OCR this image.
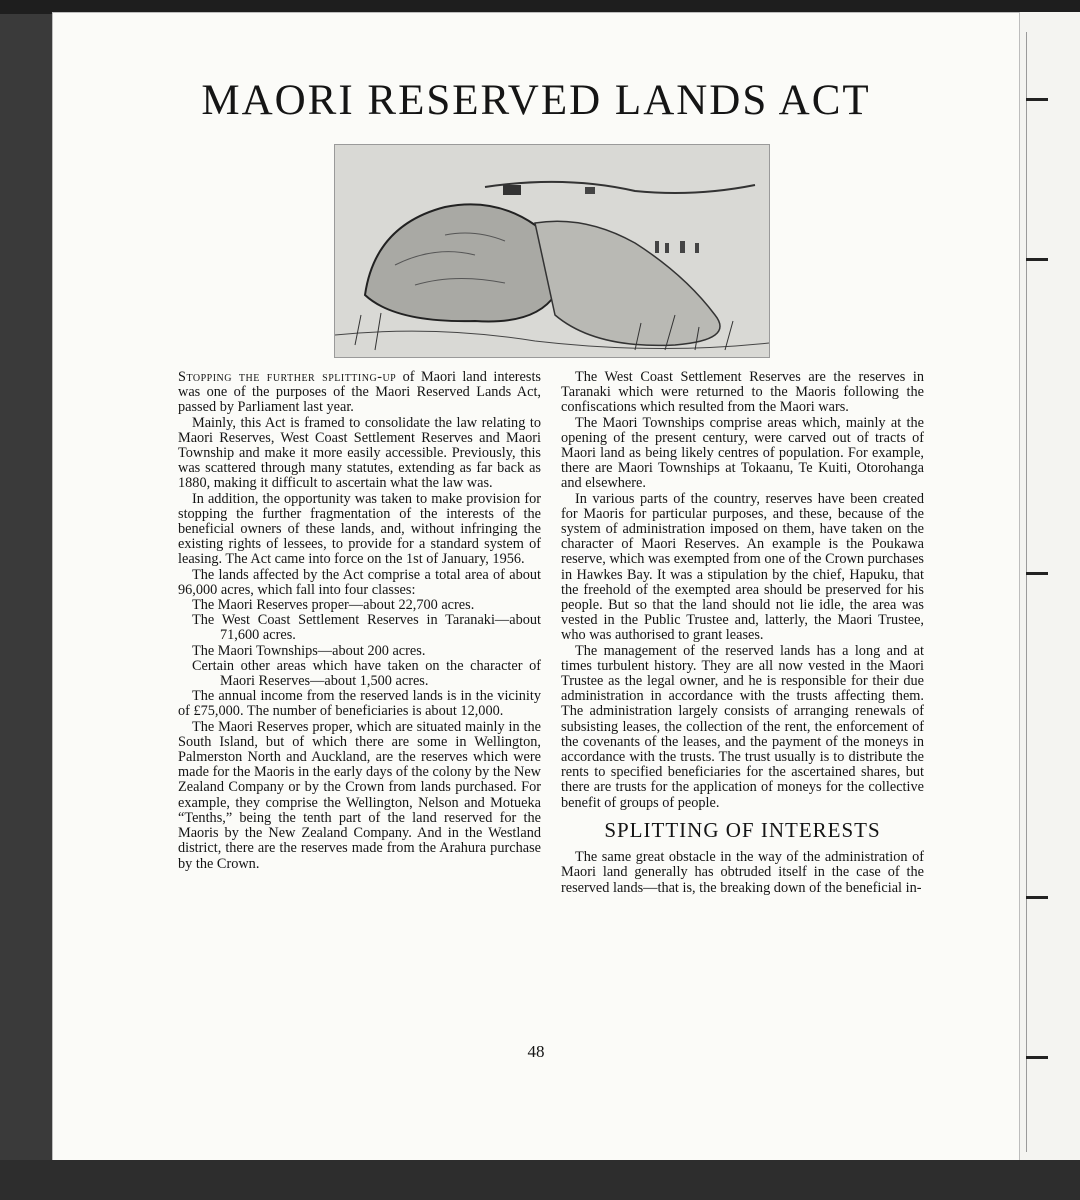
MAORI RESERVED LANDS ACT

Stopping the further splitting-up of Maori land interests was one of the purposes of the Maori Reserved Lands Act, passed by Parliament last year.

Mainly, this Act is framed to consolidate the law relating to Maori Reserves, West Coast Settlement Reserves and Maori Township and make it more easily accessible. Previously, this was scattered through many statutes, extending as far back as 1880, making it difficult to ascertain what the law was.

In addition, the opportunity was taken to make provision for stopping the further fragmentation of the interests of the beneficial owners of these lands, and, without infringing the existing rights of lessees, to provide for a standard system of leasing. The Act came into force on the 1st of January, 1956.

The lands affected by the Act comprise a total area of about 96,000 acres, which fall into four classes:

The Maori Reserves proper—about 22,700 acres.

The West Coast Settlement Reserves in Taranaki—about 71,600 acres.

The Maori Townships—about 200 acres.

Certain other areas which have taken on the character of Maori Reserves—about 1,500 acres.

The annual income from the reserved lands is in the vicinity of £75,000. The number of beneficiaries is about 12,000.

The Maori Reserves proper, which are situated mainly in the South Island, but of which there are some in Wellington, Palmerston North and Auckland, are the reserves which were made for the Maoris in the early days of the colony by the New Zealand Company or by the Crown from lands purchased. For example, they comprise the Wellington, Nelson and Motueka “Tenths,” being the tenth part of the land reserved for the Maoris by the New Zealand Company. And in the Westland district, there are the reserves made from the Arahura purchase by the Crown.

The West Coast Settlement Reserves are the reserves in Taranaki which were returned to the Maoris following the confiscations which resulted from the Maori wars.

The Maori Townships comprise areas which, mainly at the opening of the present century, were carved out of tracts of Maori land as being likely centres of population. For example, there are Maori Townships at Tokaanu, Te Kuiti, Otorohanga and elsewhere.

In various parts of the country, reserves have been created for Maoris for particular purposes, and these, because of the system of administration imposed on them, have taken on the character of Maori Reserves. An example is the Poukawa reserve, which was exempted from one of the Crown purchases in Hawkes Bay. It was a stipulation by the chief, Hapuku, that the freehold of the exempted area should be preserved for his people. But so that the land should not lie idle, the area was vested in the Public Trustee and, latterly, the Maori Trustee, who was authorised to grant leases.

The management of the reserved lands has a long and at times turbulent history. They are all now vested in the Maori Trustee as the legal owner, and he is responsible for their due administration in accordance with the trusts affecting them. The administration largely consists of arranging renewals of subsisting leases, the collection of the rent, the enforcement of the covenants of the leases, and the payment of the moneys in accordance with the trusts. The trust usually is to distribute the rents to specified beneficiaries for the ascertained shares, but there are trusts for the application of moneys for the collective benefit of groups of people.

SPLITTING OF INTERESTS

The same great obstacle in the way of the administration of Maori land generally has obtruded itself in the case of the reserved lands—that is, the breaking down of the beneficial in-

48
